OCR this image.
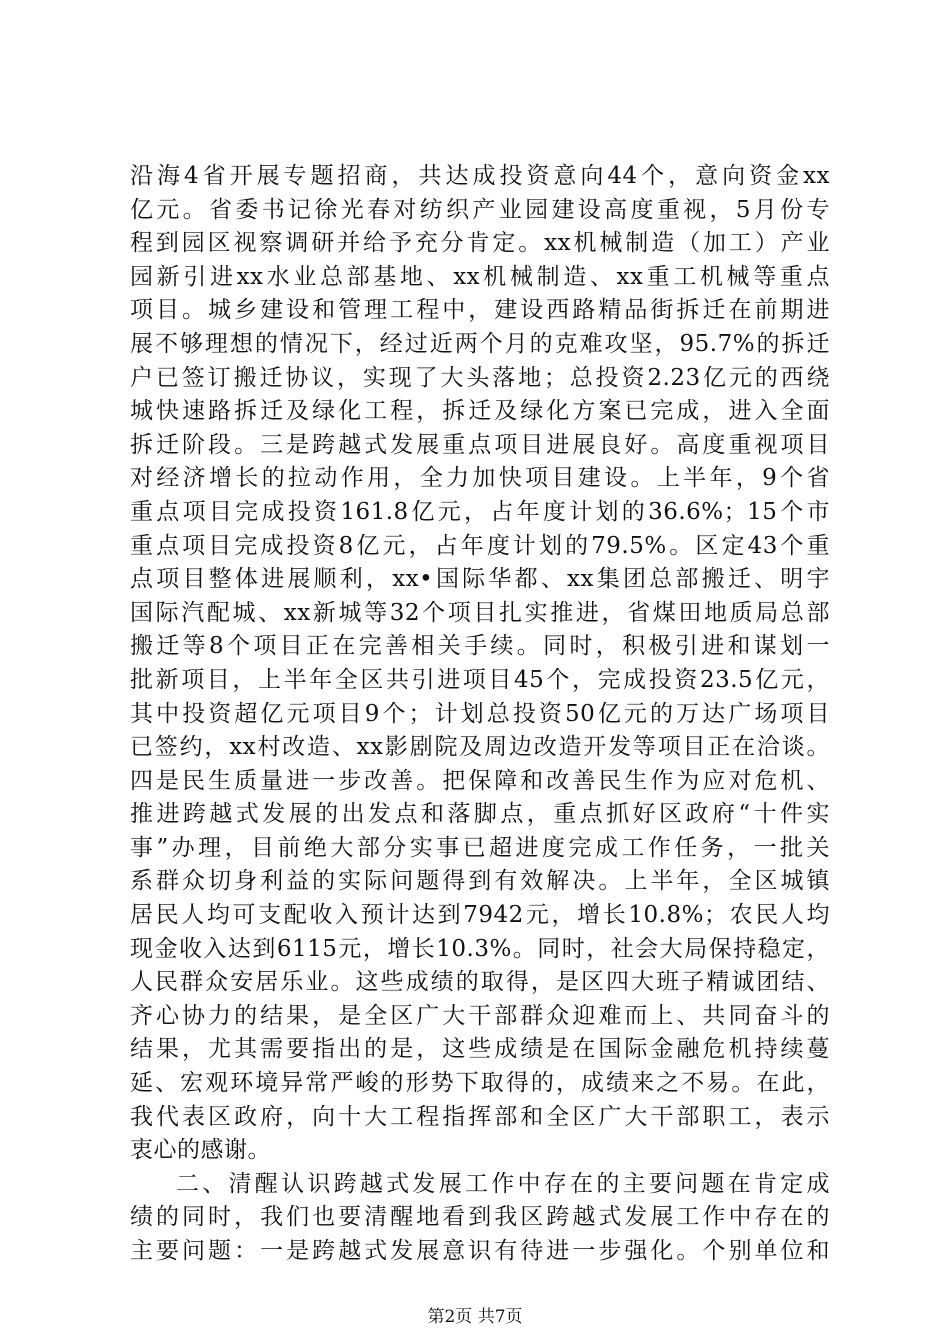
沿海4省开展专题招商，共达成投资意向44个，意向资金xx
亿元。省委书记徐光春对纺织产业园建设高度重视，5月份专
程到园区视察调研并给予充分肯定。xx机械制造（加工）产业
园新引进xx水业总部基地、xx机械制造、xx重工机械等重点
项目。城乡建设和管理工程中，建设西路精品街拆迁在前期进
展不够理想的情况下，经过近两个月的克难攻坚，95.7%的拆迁
户已签订搬迁协议，实现了大头落地；总投资2.23亿元的西绕
城快速路拆迁及绿化工程，拆迁及绿化方案已完成，进入全面
拆迁阶段。三是跨越式发展重点项目进展良好。高度重视项目
对经济增长的拉动作用，全力加快项目建设。上半年，9个省
重点项目完成投资161.8亿元，占年度计划的36.6%；15个市
重点项目完成投资8亿元，占年度计划的79.5%。区定43个重
点项目整体进展顺利，xx•国际华都、xx集团总部搬迁、明宇
国际汽配城、xx新城等32个项目扎实推进，省煤田地质局总部
搬迁等8个项目正在完善相关手续。同时，积极引进和谋划一
批新项目，上半年全区共引进项目45个，完成投资23.5亿元，
其中投资超亿元项目9个；计划总投资50亿元的万达广场项目
已签约，xx村改造、xx影剧院及周边改造开发等项目正在洽谈。
四是民生质量进一步改善。把保障和改善民生作为应对危机、
推进跨越式发展的出发点和落脚点，重点抓好区政府“十件实
事”办理，目前绝大部分实事已超进度完成工作任务，一批关
系群众切身利益的实际问题得到有效解决。上半年，全区城镇
居民人均可支配收入预计达到7942元，增长10.8%；农民人均
现金收入达到6115元，增长10.3%。同时，社会大局保持稳定，
人民群众安居乐业。这些成绩的取得，是区四大班子精诚团结、
齐心协力的结果，是全区广大干部群众迎难而上、共同奋斗的
结果，尤其需要指出的是，这些成绩是在国际金融危机持续蔓
延、宏观环境异常严峻的形势下取得的，成绩来之不易。在此，
我代表区政府，向十大工程指挥部和全区广大干部职工，表示
衷心的感谢。
二、清醒认识跨越式发展工作中存在的主要问题在肯定成
绩的同时，我们也要清醒地看到我区跨越式发展工作中存在的
主要问题：一是跨越式发展意识有待进一步强化。个别单位和
第2页 共7页
